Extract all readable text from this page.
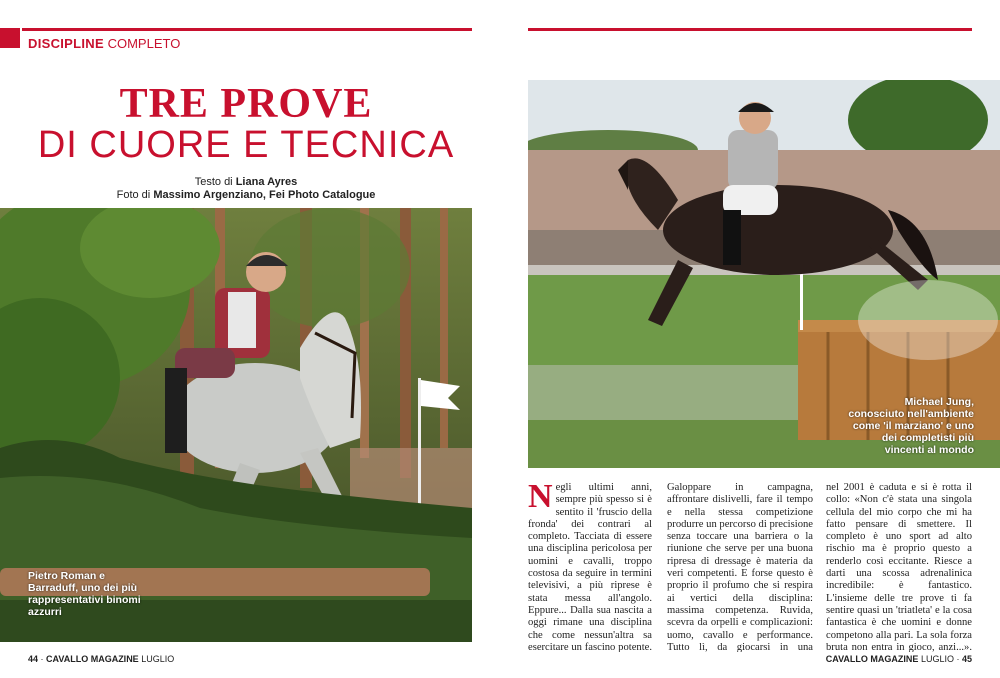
DISCIPLINE COMPLETO
TRE PROVE
DI CUORE E TECNICA
Testo di Liana Ayres
Foto di Massimo Argenziano, Fei Photo Catalogue
Pietro Roman e Barraduff, uno dei più rappresentativi binomi azzurri
Michael Jung, conosciuto nell'ambiente come 'il marziano' e uno dei completisti più vincenti al mondo
N egli ultimi anni, sempre più spesso si è sentito il 'fruscio della fronda' dei contrari al completo. Tacciata di essere una disciplina pericolosa per uomini e cavalli, troppo costosa da seguire in termini televisivi, a più riprese è stata messa all'angolo. Eppure... Dalla sua nascita a oggi rimane una disciplina che come nessun'altra sa esercitare un fascino potente.
Galoppare in campagna, affrontare dislivelli, fare il tempo e nella stessa competizione produrre un percorso di precisione senza toccare una barriera o la riunione che serve per una buona ripresa di dressage è materia da veri competenti. E forse questo è proprio il profumo che si respira ai vertici della disciplina: massima competenza. Ruvida, scevra da orpelli e complicazioni: uomo, cavallo e performance. Tutto lì, da giocarsi in una
nel 2001 è caduta e si è rotta il collo: «Non c'è stata una singola cellula del mio corpo che mi ha fatto pensare di smettere. Il completo è uno sport ad alto rischio ma è proprio questo a renderlo così eccitante. Riesce a darti una scossa adrenalinica incredibile: è fantastico. L'insieme delle tre prove ti fa sentire quasi un 'triatleta' e la cosa fantastica è che uomini e donne competono alla pari. La sola forza bruta non entra in gioco, anzi...».
44 · CAVALLO MAGAZINE LUGLIO	CAVALLO MAGAZINE LUGLIO · 45
